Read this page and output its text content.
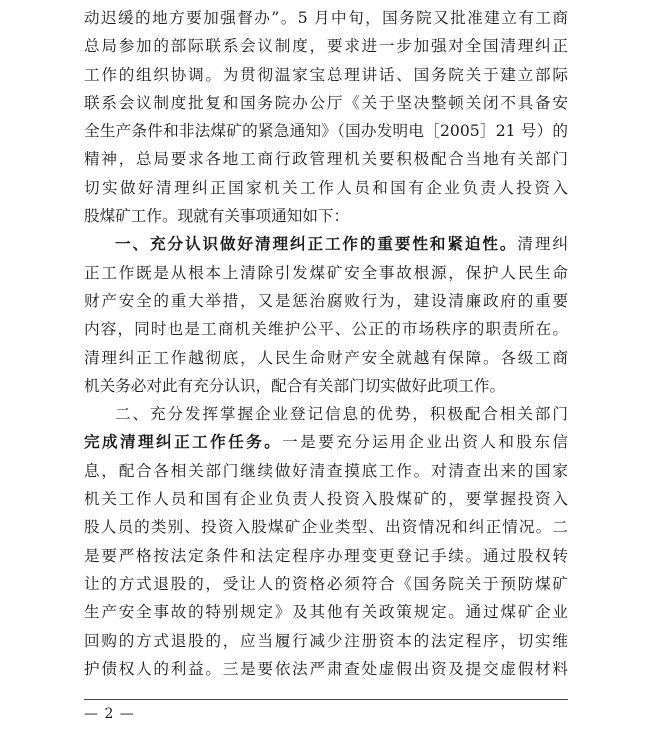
动迟缓的地方要加强督办”。5 月中旬，国务院又批准建立有工商
总局参加的部际联系会议制度，要求进一步加强对全国清理纠正
工作的组织协调。为贯彻温家宝总理讲话、国务院关于建立部际
联系会议制度批复和国务院办公厅《关于坚决整顿关闭不具备安
全生产条件和非法煤矿的紧急通知》（国办发明电［2005］21 号）的
精神，总局要求各地工商行政管理机关要积极配合当地有关部门
切实做好清理纠正国家机关工作人员和国有企业负责人投资入
股煤矿工作。现就有关事项通知如下：
一、充分认识做好清理纠正工作的重要性和紧迫性。清理纠
正工作既是从根本上清除引发煤矿安全事故根源，保护人民生命
财产安全的重大举措，又是惩治腐败行为，建设清廉政府的重要
内容，同时也是工商机关维护公平、公正的市场秩序的职责所在。
清理纠正工作越彻底，人民生命财产安全就越有保障。各级工商
机关务必对此有充分认识，配合有关部门切实做好此项工作。
二、充分发挥掌握企业登记信息的优势，积极配合相关部门
完成清理纠正工作任务。一是要充分运用企业出资人和股东信
息，配合各相关部门继续做好清查摸底工作。对清查出来的国家
机关工作人员和国有企业负责人投资入股煤矿的，要掌握投资入
股人员的类别、投资入股煤矿企业类型、出资情况和纠正情况。二
是要严格按法定条件和法定程序办理变更登记手续。通过股权转
让的方式退股的，受让人的资格必须符合《国务院关于预防煤矿
生产安全事故的特别规定》及其他有关政策规定。通过煤矿企业
回购的方式退股的，应当履行减少注册资本的法定程序，切实维
护债权人的利益。三是要依法严肃查处虚假出资及提交虚假材料
— 2 —
